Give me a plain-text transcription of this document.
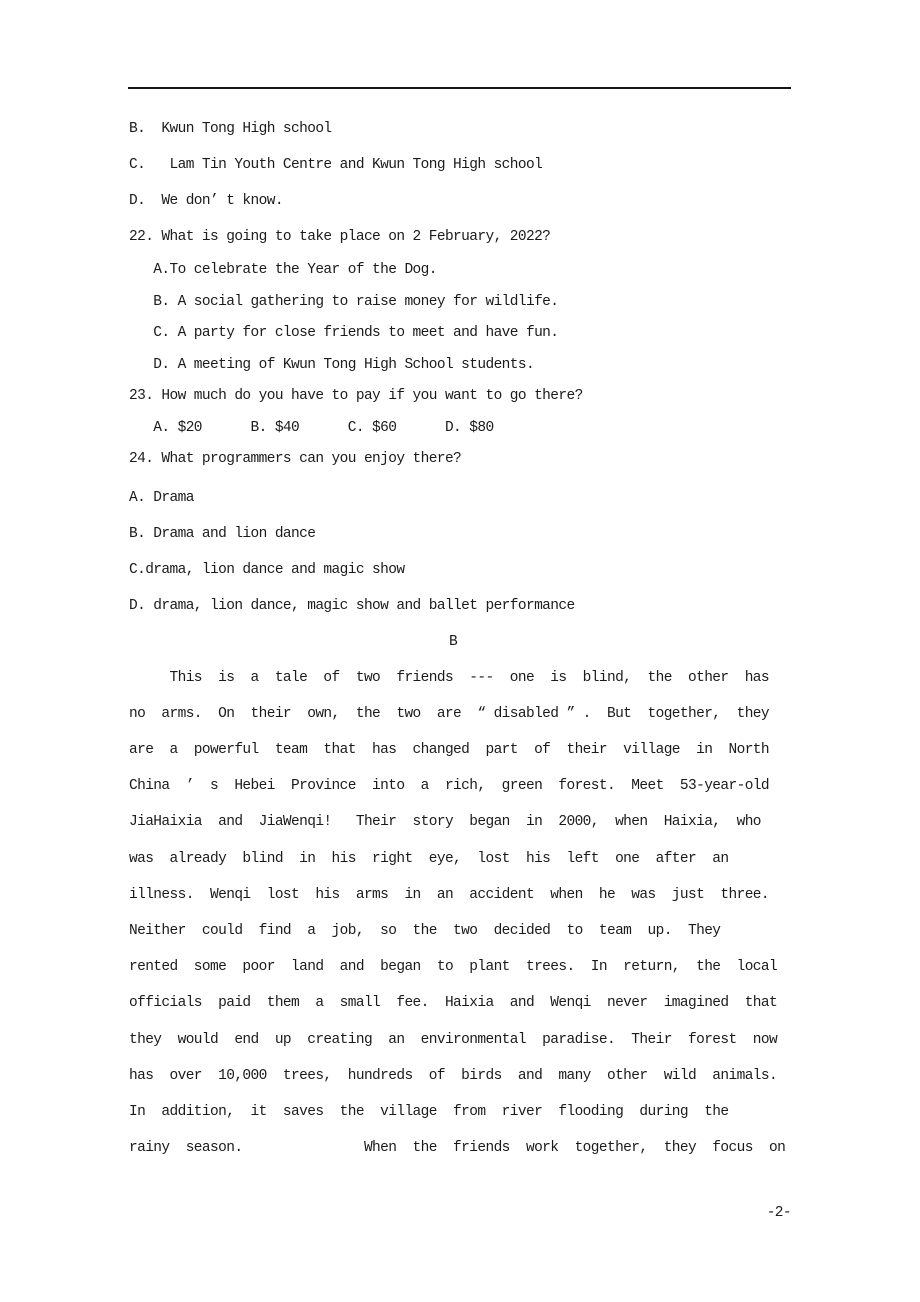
B.  Kwun Tong High school
C.   Lam Tin Youth Centre and Kwun Tong High school
D.  We don’ t know.
22. What is going to take place on 2 February, 2022?
A.To celebrate the Year of the Dog.
B. A social gathering to raise money for wildlife.
C. A party for close friends to meet and have fun.
D. A meeting of Kwun Tong High School students.
23. How much do you have to pay if you want to go there?
A. $20      B. $40      C. $60      D. $80
24. What programmers can you enjoy there?
A. Drama
B. Drama and lion dance
C.drama, lion dance and magic show
D. drama, lion dance, magic show and ballet performance
B
This  is  a  tale  of  two  friends  ---  one  is  blind,  the  other  has
no  arms.  On  their  own,  the  two  are  “ disabled ” .  But  together,  they
are  a  powerful  team  that  has  changed  part  of  their  village  in  North
China  ’  s  Hebei  Province  into  a  rich,  green  forest.  Meet  53-year-old
JiaHaixia  and  JiaWenqi!   Their  story  began  in  2000,  when  Haixia,  who
was  already  blind  in  his  right  eye,  lost  his  left  one  after  an
illness.  Wenqi  lost  his  arms  in  an  accident  when  he  was  just  three.
Neither  could  find  a  job,  so  the  two  decided  to  team  up.  They
rented  some  poor  land  and  began  to  plant  trees.  In  return,  the  local
officials  paid  them  a  small  fee.  Haixia  and  Wenqi  never  imagined  that
they  would  end  up  creating  an  environmental  paradise.  Their  forest  now
has  over  10,000  trees,  hundreds  of  birds  and  many  other  wild  animals.
In  addition,  it  saves  the  village  from  river  flooding  during  the
rainy  season.               When  the  friends  work  together,  they  focus  on
-2-
